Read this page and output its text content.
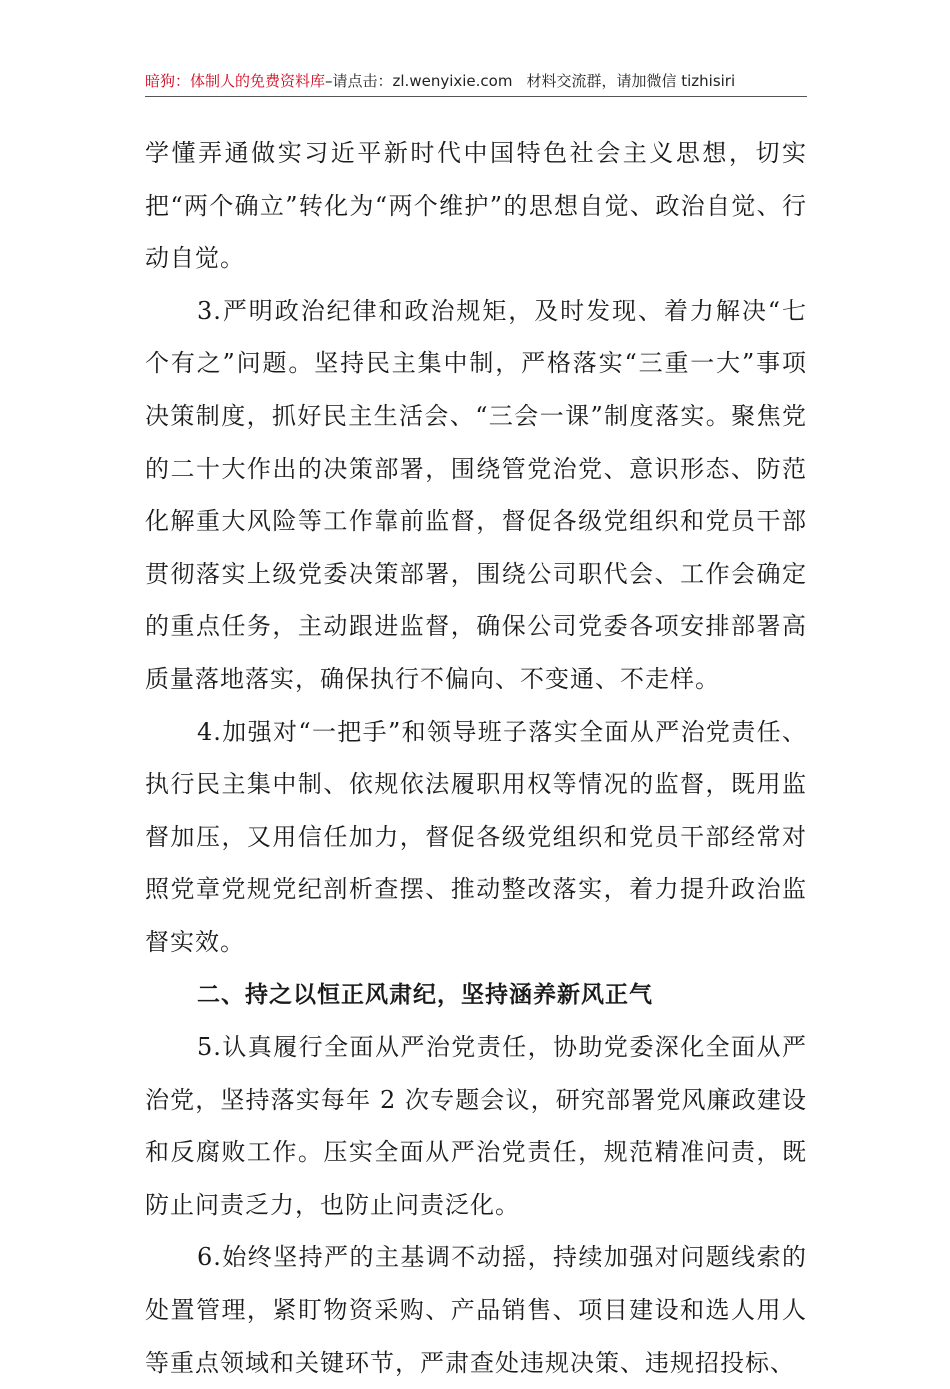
暗狗：体制人的免费资料库–请点击：zl.wenyixie.com 材料交流群，请加微信 tizhisiri

学懂弄通做实习近平新时代中国特色社会主义思想，切实把“两个确立”转化为“两个维护”的思想自觉、政治自觉、行动自觉。

3.严明政治纪律和政治规矩，及时发现、着力解决“七个有之”问题。坚持民主集中制，严格落实“三重一大”事项决策制度，抓好民主生活会、“三会一课”制度落实。聚焦党的二十大作出的决策部署，围绕管党治党、意识形态、防范化解重大风险等工作靠前监督，督促各级党组织和党员干部贯彻落实上级党委决策部署，围绕公司职代会、工作会确定的重点任务，主动跟进监督，确保公司党委各项安排部署高质量落地落实，确保执行不偏向、不变通、不走样。

4.加强对“一把手”和领导班子落实全面从严治党责任、执行民主集中制、依规依法履职用权等情况的监督，既用监督加压，又用信任加力，督促各级党组织和党员干部经常对照党章党规党纪剖析查摆、推动整改落实，着力提升政治监督实效。

二、持之以恒正风肃纪，坚持涵养新风正气

5.认真履行全面从严治党责任，协助党委深化全面从严治党，坚持落实每年 2 次专题会议，研究部署党风廉政建设和反腐败工作。压实全面从严治党责任，规范精准问责，既防止问责乏力，也防止问责泛化。

6.始终坚持严的主基调不动摇，持续加强对问题线索的处置管理，紧盯物资采购、产品销售、项目建设和选人用人等重点领域和关键环节，严肃查处违规决策、违规招投标、
